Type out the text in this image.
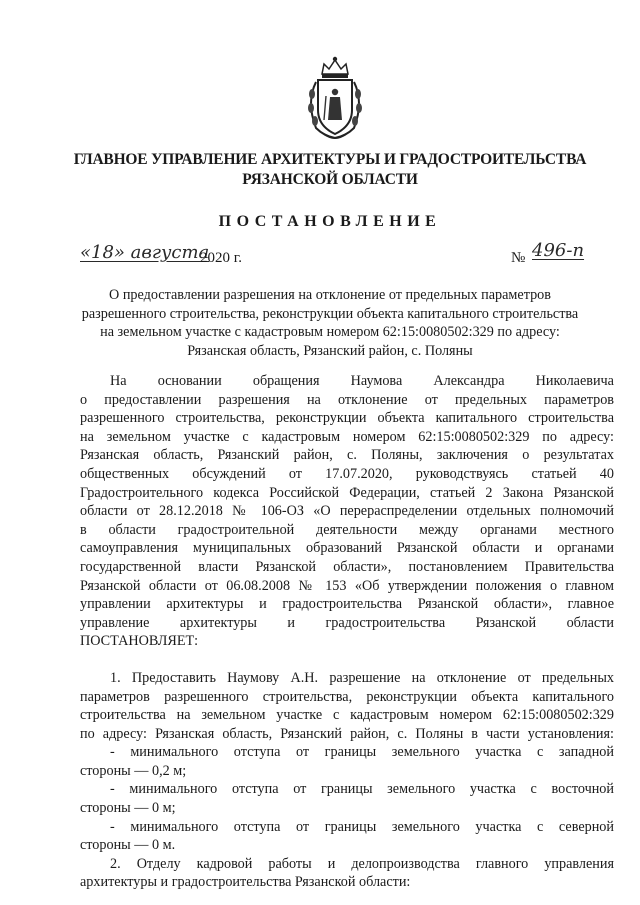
ГЛАВНОЕ УПРАВЛЕНИЕ АРХИТЕКТУРЫ И ГРАДОСТРОИТЕЛЬСТВА
РЯЗАНСКОЙ ОБЛАСТИ
ПОСТАНОВЛЕНИЕ
«18» августа
2020 г.	№ 496-п
О предоставлении разрешения на отклонение от предельных параметров
разрешенного строительства, реконструкции объекта капитального строительства
на земельном участке с кадастровым номером 62:15:0080502:329 по адресу:
Рязанская область, Рязанский район, с. Поляны
На основании обращения Наумова Александра Николаевича
о предоставлении разрешения на отклонение от предельных параметров
разрешенного строительства, реконструкции объекта капитального строительства
на земельном участке с кадастровым номером 62:15:0080502:329 по адресу:
Рязанская область, Рязанский район, с. Поляны, заключения о результатах
общественных обсуждений от 17.07.2020, руководствуясь статьей 40
Градостроительного кодекса Российской Федерации, статьей 2 Закона Рязанской
области от 28.12.2018 № 106-ОЗ «О перераспределении отдельных полномочий
в области градостроительной деятельности между органами местного
самоуправления муниципальных образований Рязанской области и органами
государственной власти Рязанской области», постановлением Правительства
Рязанской области от 06.08.2008 № 153 «Об утверждении положения о главном
управлении архитектуры и градостроительства Рязанской области», главное
управление архитектуры и градостроительства Рязанской области
ПОСТАНОВЛЯЕТ:
1. Предоставить Наумову А.Н. разрешение на отклонение от предельных
параметров разрешенного строительства, реконструкции объекта капитального
строительства на земельном участке с кадастровым номером 62:15:0080502:329
по адресу: Рязанская область, Рязанский район, с. Поляны в части установления:
- минимального отступа от границы земельного участка с западной
стороны — 0,2 м;
- минимального отступа от границы земельного участка с восточной
стороны — 0 м;
- минимального отступа от границы земельного участка с северной
стороны — 0 м.
2. Отделу кадровой работы и делопроизводства главного управления
архитектуры и градостроительства Рязанской области:
